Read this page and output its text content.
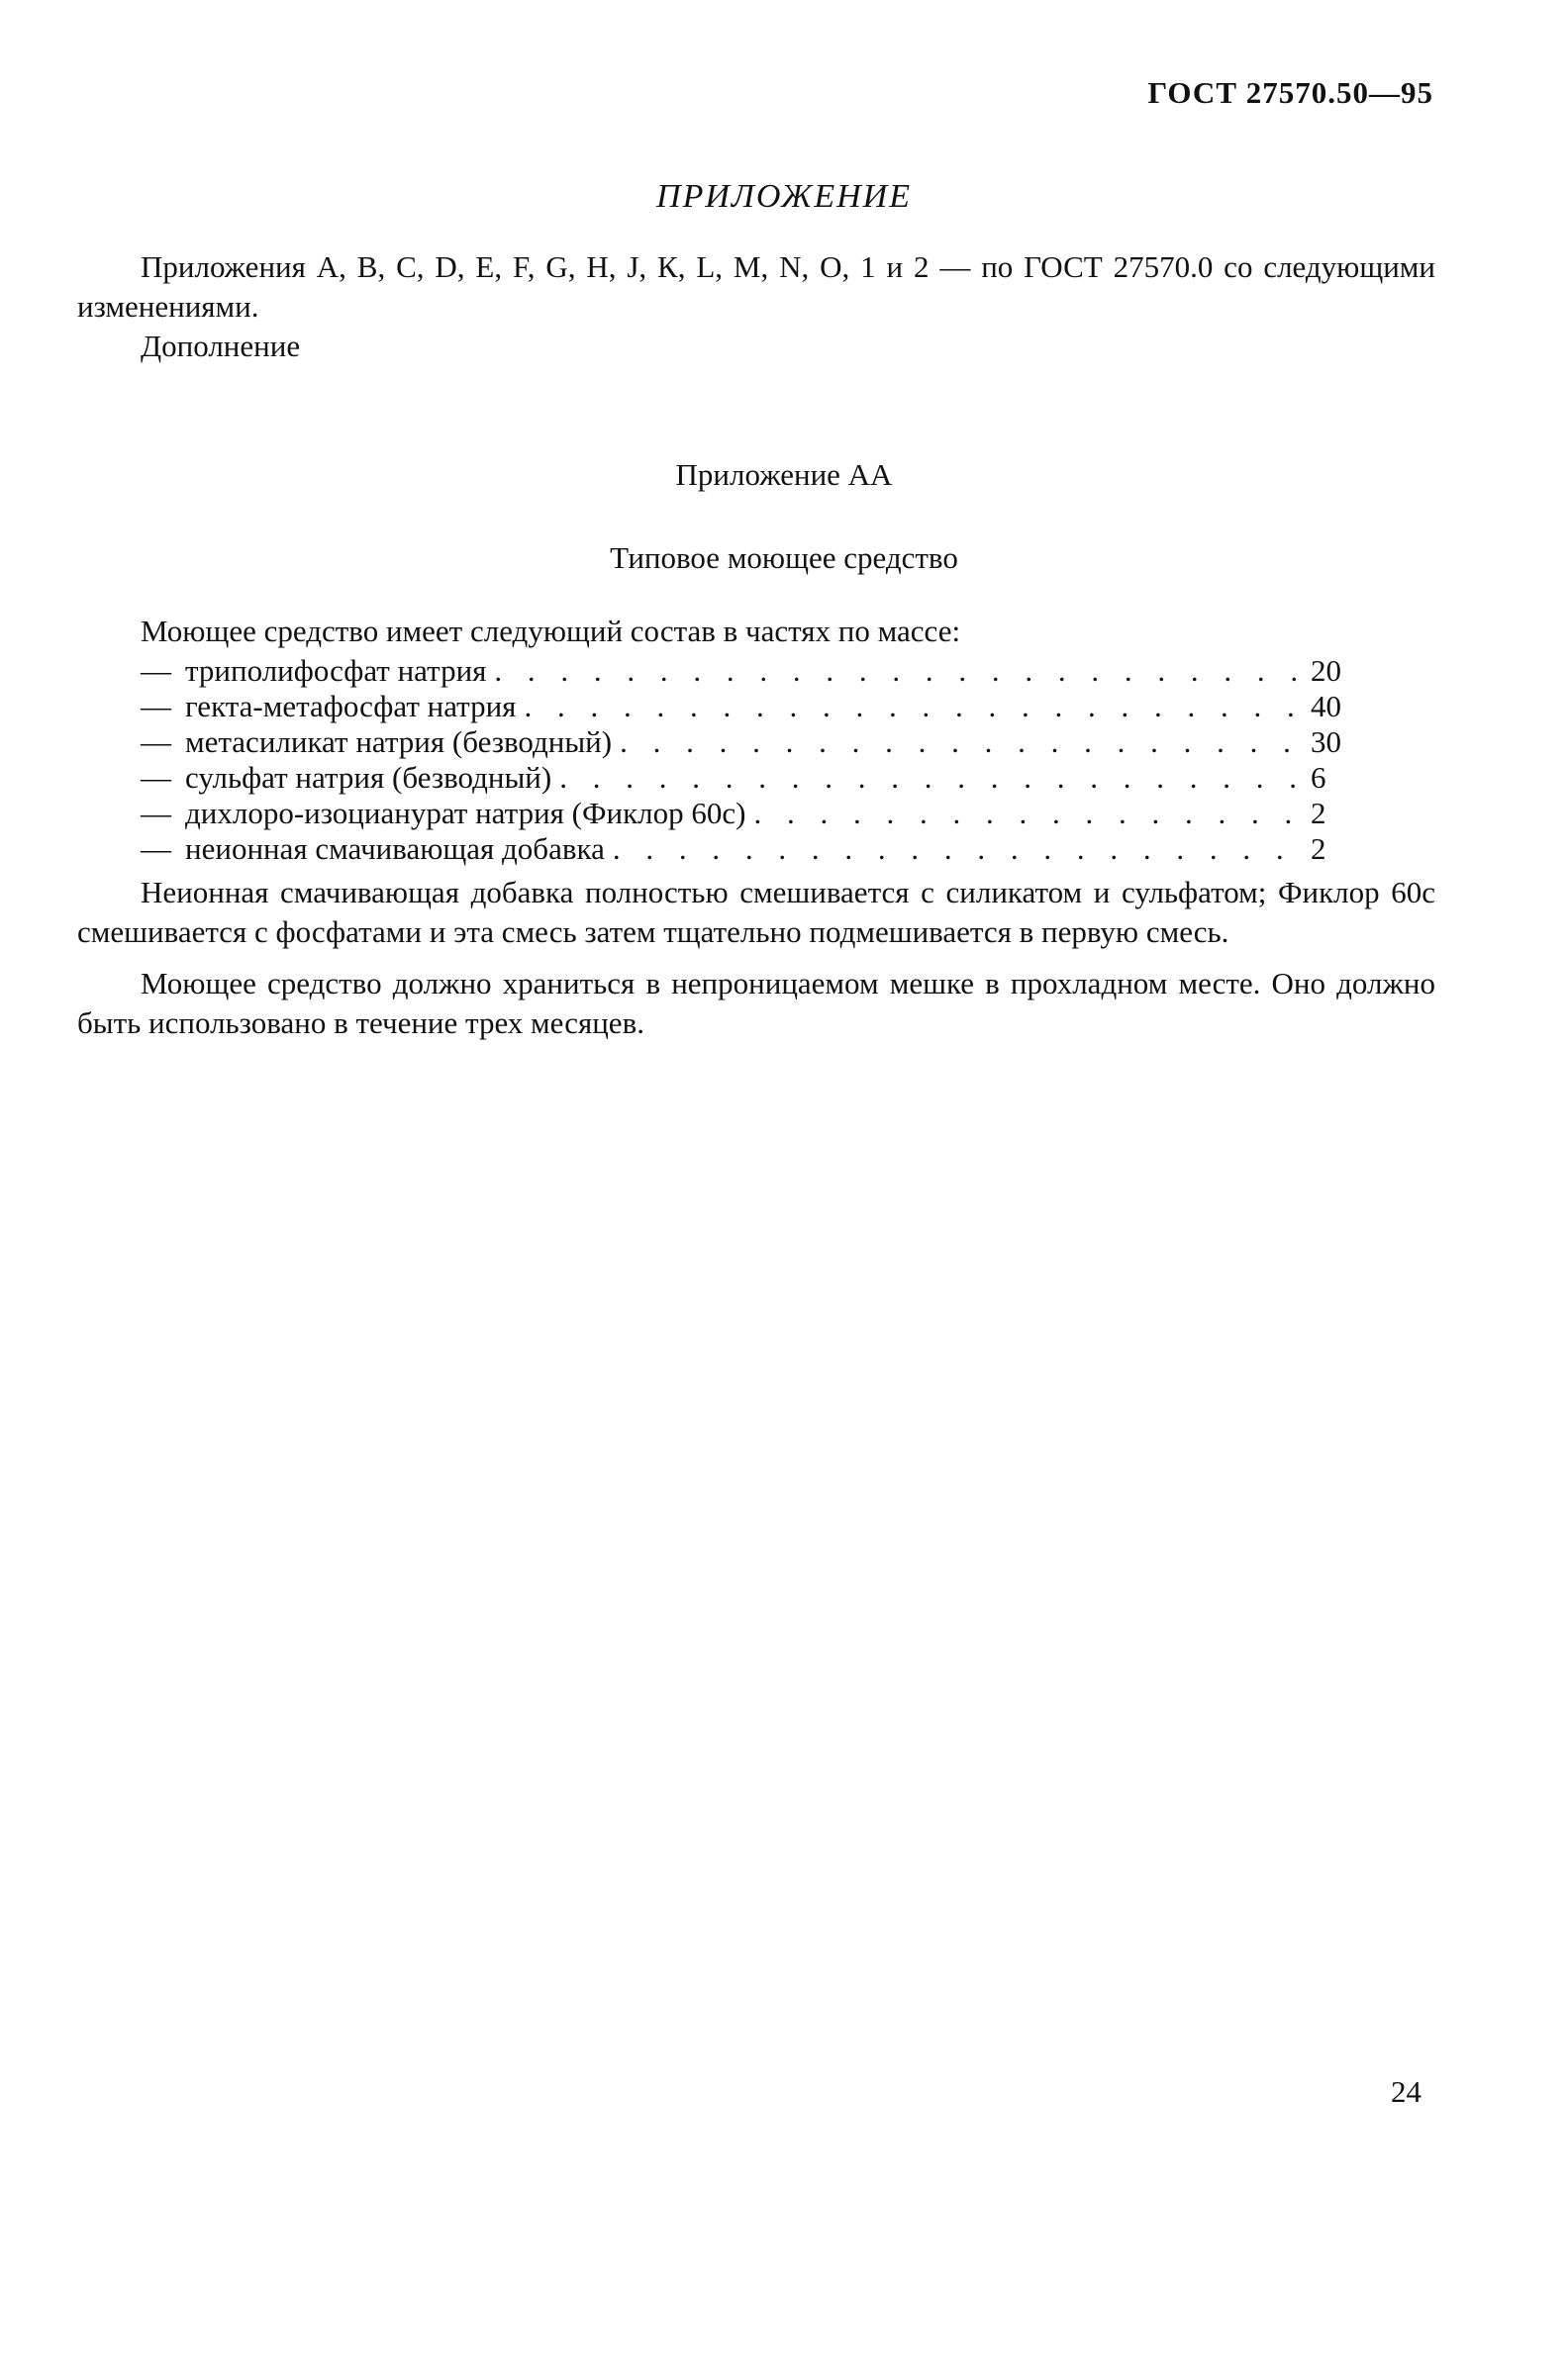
ГОСТ 27570.50—95
ПРИЛОЖЕНИЕ
Приложения А, В, С, D, Е, F, G, Н, J, К, L, М, N, О, 1 и 2 — по ГОСТ 27570.0 со следующими изменениями.
Дополнение
Приложение АА
Типовое моющее средство
Моющее средство имеет следующий состав в частях по массе:
— триполифосфат натрия . . .	20
— гекта-метафосфат натрия . . .	40
— метасиликат натрия (безводный) . . .	30
— сульфат натрия (безводный) . . .	6
— дихлоро-изоцианурат натрия (Фиклор 60с) . . .	2
— неионная смачивающая добавка . . .	2
Неионная смачивающая добавка полностью смешивается с силикатом и сульфатом; Фиклор 60с смешивается с фосфатами и эта смесь затем тщательно подмешивается в первую смесь.
Моющее средство должно храниться в непроницаемом мешке в прохладном месте. Оно должно быть использовано в течение трех месяцев.
24
